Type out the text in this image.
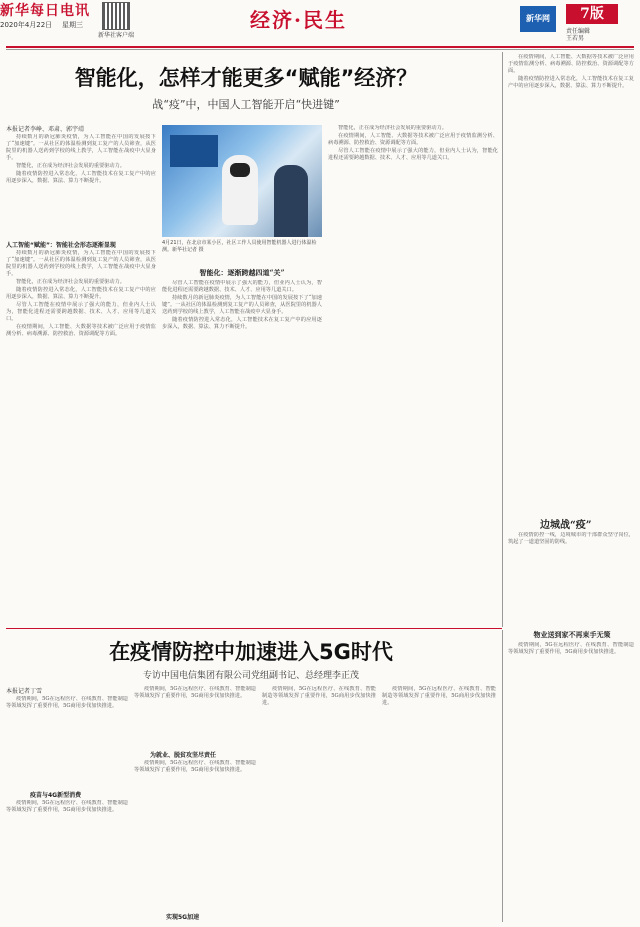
新华每日电讯
2020年4月22日 星期三
新华社客户端
经济·民生	新华网	7版
责任编辑
王若男
智能化，怎样才能更多“赋能”经济？
战“疫”中，中国人工智能开启“快进键”
本报记者李峥、邓肃、郭宇靖

持续数月的新冠肺炎疫情，为人工智能在中国的发展按下了“加速键”。一从社区的体温检测到复工复产的人员筛查，从医院里的机器人送药到学校的线上教学，人工智能在战疫中大显身手。

智能化，正在成为经济社会发展的重要驱动力。

随着疫情防控进入常态化，人工智能技术在复工复产中的应用逐步深入，数据、算法、算力不断提升。

人工智能“赋能”：智能社会形态逐渐显现

持续数月的新冠肺炎疫情，为人工智能在中国的发展按下了“加速键”。一从社区的体温检测到复工复产的人员筛查，从医院里的机器人送药到学校的线上教学，人工智能在战疫中大显身手。

智能化，正在成为经济社会发展的重要驱动力。

随着疫情防控进入常态化，人工智能技术在复工复产中的应用逐步深入，数据、算法、算力不断提升。

尽管人工智能在疫情中展示了强大的能力，但业内人士认为，智能化进程还需要跨越数据、技术、人才、应用等几道关口。

在疫情期间，人工智能、大数据等技术被广泛应用于疫情监测分析、病毒溯源、防控救治、资源调配等方面。

4月21日，在北京市某小区，社区工作人员使用智能机器人进行体温检测。新华社记者 摄
智能化：逐渐跨越四道“关”

尽管人工智能在疫情中展示了强大的能力，但业内人士认为，智能化进程还需要跨越数据、技术、人才、应用等几道关口。

持续数月的新冠肺炎疫情，为人工智能在中国的发展按下了“加速键”。一从社区的体温检测到复工复产的人员筛查，从医院里的机器人送药到学校的线上教学，人工智能在战疫中大显身手。

随着疫情防控进入常态化，人工智能技术在复工复产中的应用逐步深入，数据、算法、算力不断提升。

智能化，正在成为经济社会发展的重要驱动力。

在疫情期间，人工智能、大数据等技术被广泛应用于疫情监测分析、病毒溯源、防控救治、资源调配等方面。

尽管人工智能在疫情中展示了强大的能力，但业内人士认为，智能化进程还需要跨越数据、技术、人才、应用等几道关口。

在疫情期间，人工智能、大数据等技术被广泛应用于疫情监测分析、病毒溯源、防控救治、资源调配等方面。

随着疫情防控进入常态化，人工智能技术在复工复产中的应用逐步深入，数据、算法、算力不断提升。

边城战“疫”

在疫情防控一线，边境城市的干部群众坚守岗位，筑起了一道道坚固的防线。

在疫情防控中加速进入5G时代
专访中国电信集团有限公司党组副书记、总经理李正茂
本报记者丁雪

疫情期间，5G在远程医疗、在线教育、智能制造等领域发挥了重要作用，5G商用步伐加快推进。

疫苗与4G新型消费

疫情期间，5G在远程医疗、在线教育、智能制造等领域发挥了重要作用，5G商用步伐加快推进。

疫情期间，5G在远程医疗、在线教育、智能制造等领域发挥了重要作用，5G商用步伐加快推进。

为就业、脱贫攻坚尽责任

疫情期间，5G在远程医疗、在线教育、智能制造等领域发挥了重要作用，5G商用步伐加快推进。

实现5G加速

疫情期间，5G在远程医疗、在线教育、智能制造等领域发挥了重要作用，5G商用步伐加快推进。

疫情期间，5G在远程医疗、在线教育、智能制造等领域发挥了重要作用，5G商用步伐加快推进。

物业送到家不再束手无策

疫情期间，5G在远程医疗、在线教育、智能制造等领域发挥了重要作用，5G商用步伐加快推进。
